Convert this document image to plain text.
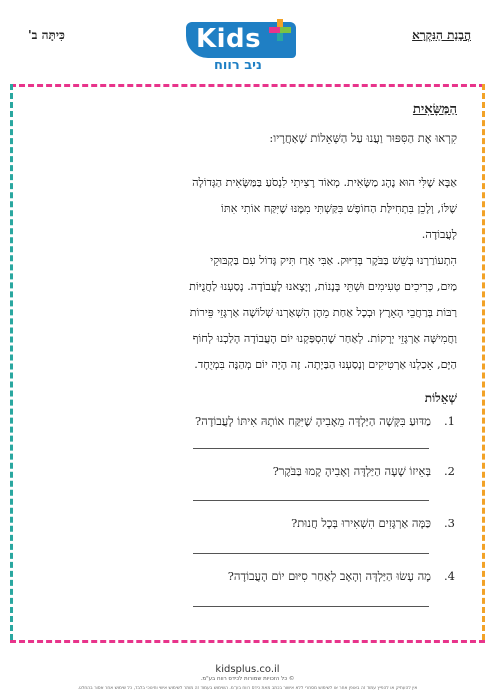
הֲבָנַת הַנִּקְרָא
כִּיתָּה ב'	Kids
ניב רווח
הַמַּשָּׂאִית
קִרְאוּ אֶת הַסִּפּוּר וַעֲנוּ עַל הַשְּׁאֵלוֹת שֶׁאַחֲרָיו:
אַבָּא שֶׁלִּי הוּא נֶהָג מַשָּׂאִית. מְאוֹד רָצִיתִי לִנְסֹעַ בַּמַּשָּׂאִית הַגְּדוֹלָה
שֶׁלּוֹ, וְלָכֵן בִּתְחִילַּת הַחוֹפֶשׁ בִּקַּשְׁתִּי מִמֶּנּוּ שֶׁיִּקַּח אוֹתִי אִתּוֹ
לָעֲבוֹדָה.
הִתְעוֹרַרְנוּ בְּשֵׁשׁ בַּבֹּקֶר בְּדִיּוּק. אַבִּי אָרַז תִּיק גָּדוֹל עִם בַּקְבּוּקֵי
מַיִם, כְּרִיכִים טְעִימִים וּשְׁתֵּי בָּנָנוֹת, וְיָצָאנוּ לָעֲבוֹדָה. נָסַעְנוּ לַחֲנֻיּוֹת
רַבּוֹת בְּרַחֲבֵי הָאָרֶץ וּבְכָל אַחַת מֵהֶן הִשְׁאַרְנוּ שְׁלוֹשָׁה אַרְגָּזֵי פֵּירוֹת
וַחֲמִישָּׁה אַרְגָּזֵי יְרָקוֹת. לְאַחַר שֶׁהִסְפַּקְנוּ יוֹם הָעֲבוֹדָה הָלַכְנוּ לְחוֹף
הַיָּם, אָכַלְנוּ אַרְטִיקִים וְנָסַעְנוּ הַבַּיְתָה. זֶה הָיָה יוֹם מְהַנֶּה בִּמְיֻחָד.
שְׁאֵלוֹת
1.
מַדּוּעַ בִּקְּשָׁה הַיַּלְדָּה מֵאָבִיהָ שֶׁיִּקַּח אוֹתָהּ אִיתּוֹ לָעֲבוֹדָה?
2.
בְּאֵיזוֹ שָׁעָה הַיַּלְדָּה וְאָבִיהָ קָמוּ בַּבֹּקֶר?
3.
כַּמָּה אַרְגָּזִים הִשְׁאִירוּ בְּכָל חֲנוּת?
4.
מָה עָשׂוּ הַיַּלְדָּה וְהָאָב לְאַחַר סִיּוּם יוֹם הָעֲבוֹדָה?
kidsplus.co.il
© כל הזכויות שמורות לכידס רווח בע"מ.
אין להעתיק או להפיץ עמוד זה באופן אחר או לשימוש מסחרי ללא אישור בכתב מאת כידס רווח בע"מ. השימוש בעמוד זה מותר לשימוש אישי וחינוכי בלבד, כל שימוש אחר אסור בהחלט.
